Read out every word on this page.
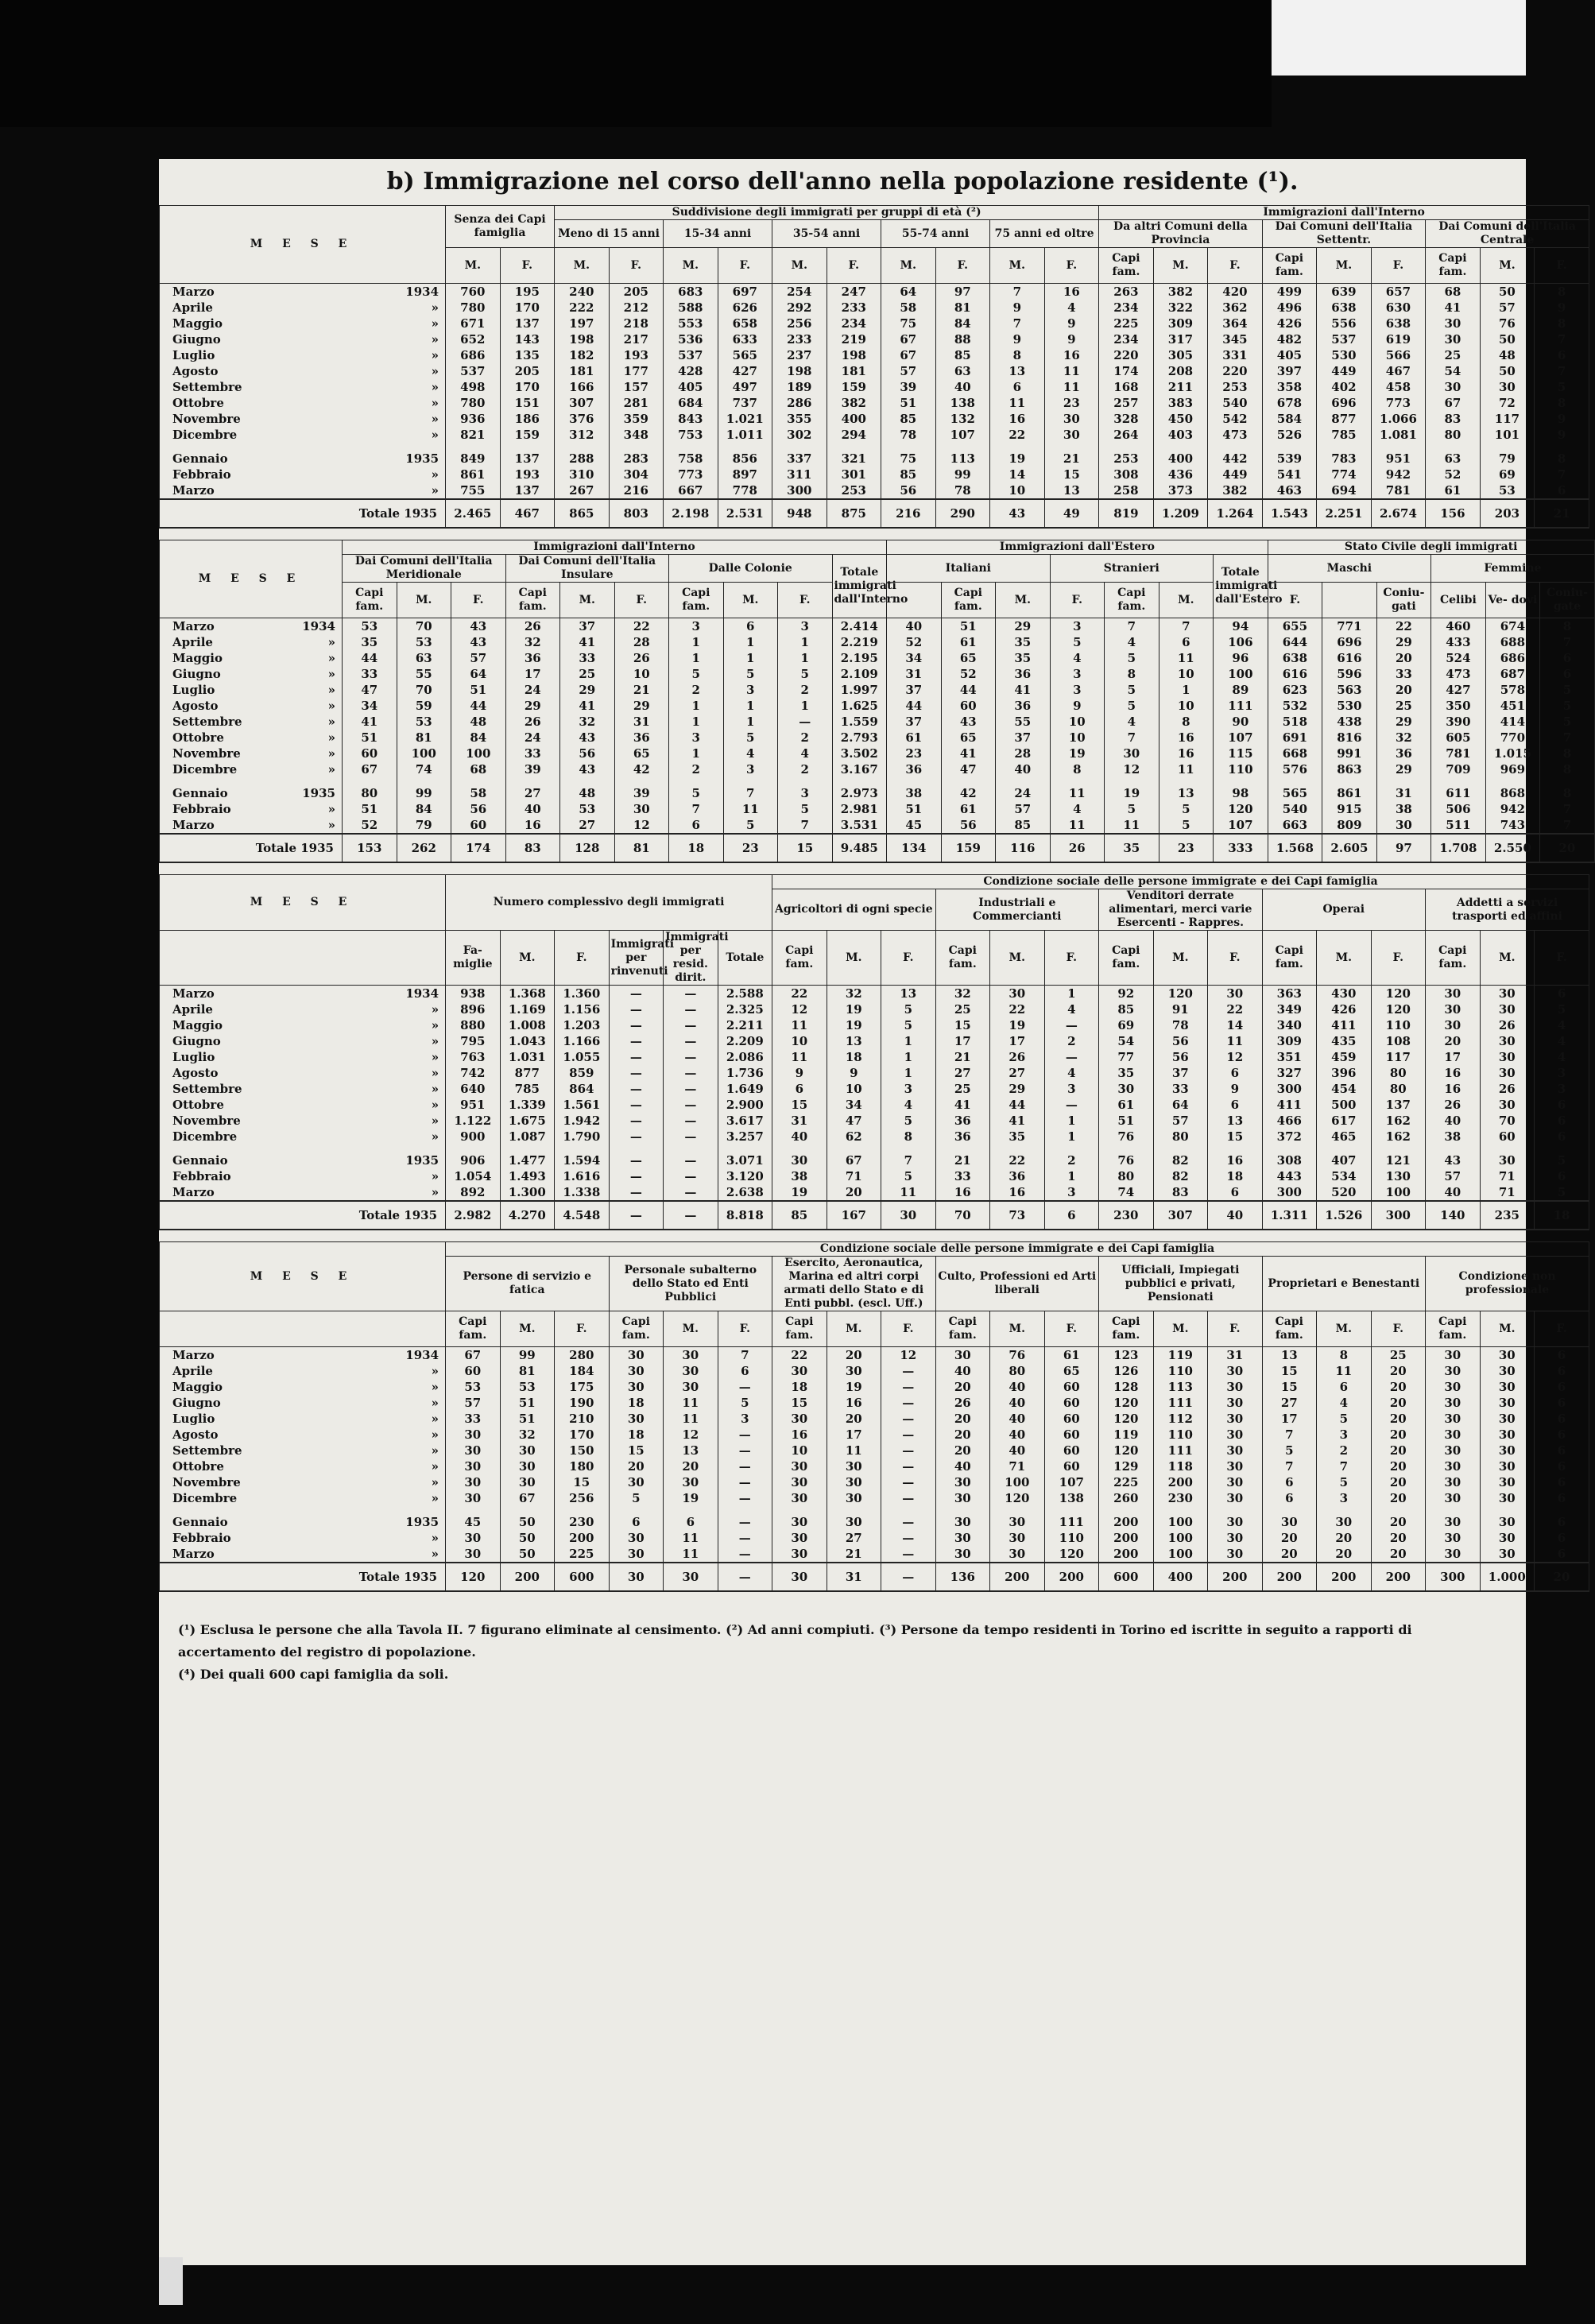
b) Immigrazione nel corso dell'anno nella popolazione residente (¹).
M E S E	Senza dei Capi famiglia		Suddivisione degli immigrati per gruppi di età (²)										Immigrazioni dall'Interno								
			Meno di 15 anni		15-34 anni		35-54 anni		55-74 anni		75 anni ed oltre		Da altri Comuni della Provincia			Dai Comuni dell'Italia Settentr.			Dai Comuni dell'Italia Centrale		
	M.	F.	M.	F.	M.	F.	M.	F.	M.	F.	M.	F.	Capi fam.	M.	F.	Capi fam.	M.	F.	Capi fam.	M.	F.
Marzo 1934	760	195	240	205	683	697	254	247	64	97	7	16	263	382	420	499	639	657	68	50	8
Aprile »	780	170	222	212	588	626	292	233	58	81	9	4	234	322	362	496	638	630	41	57	9
Maggio »	671	137	197	218	553	658	256	234	75	84	7	9	225	309	364	426	556	638	30	76	8
Giugno »	652	143	198	217	536	633	233	219	67	88	9	9	234	317	345	482	537	619	30	50	7
Luglio »	686	135	182	193	537	565	237	198	67	85	8	16	220	305	331	405	530	566	25	48	6
Agosto »	537	205	181	177	428	427	198	181	57	63	13	11	174	208	220	397	449	467	54	50	7
Settembre »	498	170	166	157	405	497	189	159	39	40	6	11	168	211	253	358	402	458	30	30	5
Ottobre »	780	151	307	281	684	737	286	382	51	138	11	23	257	383	540	678	696	773	67	72	8
Novembre »	936	186	376	359	843	1.021	355	400	85	132	16	30	328	450	542	584	877	1.066	83	117	9
Dicembre »	821	159	312	348	753	1.011	302	294	78	107	22	30	264	403	473	526	785	1.081	80	101	9

Gennaio 1935	849	137	288	283	758	856	337	321	75	113	19	21	253	400	442	539	783	951	63	79	8
Febbraio »	861	193	310	304	773	897	311	301	85	99	14	15	308	436	449	541	774	942	52	69	7
Marzo »	755	137	267	216	667	778	300	253	56	78	10	13	258	373	382	463	694	781	61	53	6
Totale 1935	2.465	467	865	803	2.198	2.531	948	875	216	290	43	49	819	1.209	1.264	1.543	2.251	2.674	156	203	21
M E S E	Immigrazioni dall'Interno										Immigrazioni dall'Estero							Stato Civile degli immigrati						
	Dai Comuni dell'Italia Meridionale			Dai Comuni dell'Italia Insulare			Dalle Colonie			Totale immigrati dall'Interno	Italiani			Stranieri			Totale immigrati dall'Estero	Maschi			Femmine			
	Capi fam.	M.	F.	Capi fam.	M.	F.	Capi fam.	M.	F.			Capi fam.	M.	F.	Capi fam.	M.		F.		Coniu- gati	Celibi	Ve- dovi	Coniu- gate		
Marzo 1934	53	70	43	26	37	22	3	6	3	2.414	40	51	29	3	7	7	94	655	771	22	460	674	8	
Aprile »	35	53	43	32	41	28	1	1	1	2.219	52	61	35	5	4	6	106	644	696	29	433	688	7	
Maggio »	44	63	57	36	33	26	1	1	1	2.195	34	65	35	4	5	11	96	638	616	20	524	686	6	
Giugno »	33	55	64	17	25	10	5	5	5	2.109	31	52	36	3	8	10	100	616	596	33	473	687	6	
Luglio »	47	70	51	24	29	21	2	3	2	1.997	37	44	41	3	5	1	89	623	563	20	427	578	5	
Agosto »	34	59	44	29	41	29	1	1	1	1.625	44	60	36	9	5	10	111	532	530	25	350	451	5	
Settembre »	41	53	48	26	32	31	1	1	—	1.559	37	43	55	10	4	8	90	518	438	29	390	414	5	
Ottobre »	51	81	84	24	43	36	3	5	2	2.793	61	65	37	10	7	16	107	691	816	32	605	770	7	
Novembre »	60	100	100	33	56	65	1	4	4	3.502	23	41	28	19	30	16	115	668	991	36	781	1.015	8	
Dicembre »	67	74	68	39	43	42	2	3	2	3.167	36	47	40	8	12	11	110	576	863	29	709	969	8	

Gennaio 1935	80	99	58	27	48	39	5	7	3	2.973	38	42	24	11	19	13	98	565	861	31	611	868	8	
Febbraio »	51	84	56	40	53	30	7	11	5	2.981	51	61	57	4	5	5	120	540	915	38	506	942	7	
Marzo »	52	79	60	16	27	12	6	5	7	3.531	45	56	85	11	11	5	107	663	809	30	511	743	7	
Totale 1935	153	262	174	83	128	81	18	23	15	9.485	134	159	116	26	35	23	333	1.568	2.605	97	1.708	2.550	20	
M E S E	Numero complessivo degli immigrati						Condizione sociale delle persone immigrate e dei Capi famiglia														
							Agricoltori di ogni specie			Industriali e Commercianti			Venditori derrate alimentari, merci varie Esercenti - Rappres.			Operai			Addetti a servizi trasporti ed affini		
	Fa- miglie	M.	F.	Immigrati per rinvenuti	Immigrati per resid. dirit.	Totale	Capi fam.	M.	F.	Capi fam.	M.	F.	Capi fam.	M.	F.	Capi fam.	M.	F.	Capi fam.	M.	F.
Marzo 1934	938	1.368	1.360	—	—	2.588	22	32	13	32	30	1	92	120	30	363	430	120	30	30	6
Aprile »	896	1.169	1.156	—	—	2.325	12	19	5	25	22	4	85	91	22	349	426	120	30	30	5
Maggio »	880	1.008	1.203	—	—	2.211	11	19	5	15	19	—	69	78	14	340	411	110	30	26	4
Giugno »	795	1.043	1.166	—	—	2.209	10	13	1	17	17	2	54	56	11	309	435	108	20	30	4
Luglio »	763	1.031	1.055	—	—	2.086	11	18	1	21	26	—	77	56	12	351	459	117	17	30	4
Agosto »	742	877	859	—	—	1.736	9	9	1	27	27	4	35	37	6	327	396	80	16	30	3
Settembre »	640	785	864	—	—	1.649	6	10	3	25	29	3	30	33	9	300	454	80	16	26	3
Ottobre »	951	1.339	1.561	—	—	2.900	15	34	4	41	44	—	61	64	6	411	500	137	26	30	6
Novembre »	1.122	1.675	1.942	—	—	3.617	31	47	5	36	41	1	51	57	13	466	617	162	40	70	6
Dicembre »	900	1.087	1.790	—	—	3.257	40	62	8	36	35	1	76	80	15	372	465	162	38	60	6

Gennaio 1935	906	1.477	1.594	—	—	3.071	30	67	7	21	22	2	76	82	16	308	407	121	43	30	5
Febbraio »	1.054	1.493	1.616	—	—	3.120	38	71	5	33	36	1	80	82	18	443	534	130	57	71	6
Marzo »	892	1.300	1.338	—	—	2.638	19	20	11	16	16	3	74	83	6	300	520	100	40	71	5
Totale 1935	2.982	4.270	4.548	—	—	8.818	85	167	30	70	73	6	230	307	40	1.311	1.526	300	140	235	18
M E S E	Condizione sociale delle persone immigrate e dei Capi famiglia																				
	Persone di servizio e fatica			Personale subalterno dello Stato ed Enti Pubblici			Esercito, Aeronautica, Marina ed altri corpi armati dello Stato e di Enti pubbl. (escl. Uff.)			Culto, Professioni ed Arti liberali			Ufficiali, Impiegati pubblici e privati, Pensionati			Proprietari e Benestanti			Condizione non professionale		
	Capi fam.	M.	F.	Capi fam.	M.	F.	Capi fam.	M.	F.	Capi fam.	M.	F.	Capi fam.	M.	F.	Capi fam.	M.	F.	Capi fam.	M.	F.
Marzo 1934	67	99	280	30	30	7	22	20	12	30	76	61	123	119	31	13	8	25	30	30	6
Aprile »	60	81	184	30	30	6	30	30	—	40	80	65	126	110	30	15	11	20	30	30	6
Maggio »	53	53	175	30	30	—	18	19	—	20	40	60	128	113	30	15	6	20	30	30	6
Giugno »	57	51	190	18	11	5	15	16	—	26	40	60	120	111	30	27	4	20	30	30	6
Luglio »	33	51	210	30	11	3	30	20	—	20	40	60	120	112	30	17	5	20	30	30	6
Agosto »	30	32	170	18	12	—	16	17	—	20	40	60	119	110	30	7	3	20	30	30	6
Settembre »	30	30	150	15	13	—	10	11	—	20	40	60	120	111	30	5	2	20	30	30	6
Ottobre »	30	30	180	20	20	—	30	30	—	40	71	60	129	118	30	7	7	20	30	30	6
Novembre »	30	30	15	30	30	—	30	30	—	30	100	107	225	200	30	6	5	20	30	30	6
Dicembre »	30	67	256	5	19	—	30	30	—	30	120	138	260	230	30	6	3	20	30	30	6

Gennaio 1935	45	50	230	6	6	—	30	30	—	30	30	111	200	100	30	30	30	20	30	30	6
Febbraio »	30	50	200	30	11	—	30	27	—	30	30	110	200	100	30	20	20	20	30	30	6
Marzo »	30	50	225	30	11	—	30	21	—	30	30	120	200	100	30	20	20	20	30	30	6
Totale 1935	120	200	600	30	30	—	30	31	—	136	200	200	600	400	200	200	200	200	300	1.000	20
(¹) Esclusa le persone che alla Tavola II. 7 figurano eliminate al censimento. (²) Ad anni compiuti. (³) Persone da tempo residenti in Torino ed iscritte in seguito a rapporti di accertamento del registro di popolazione.
(⁴) Dei quali 600 capi famiglia da soli.
